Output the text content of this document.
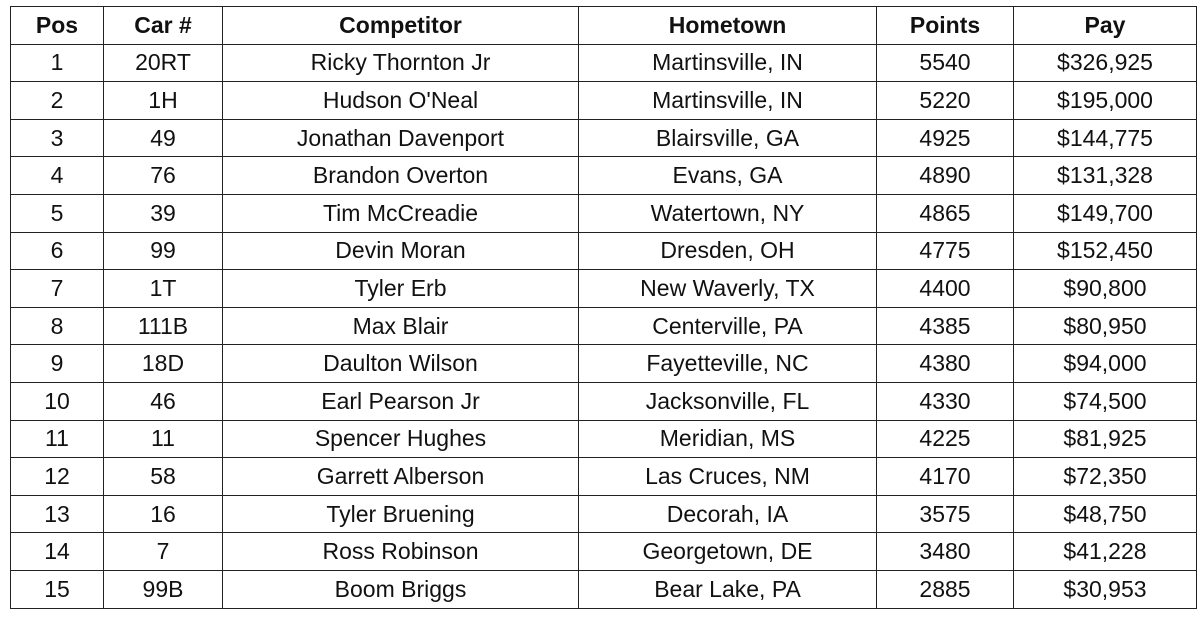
Pos	Car #	Competitor	Hometown	Points	Pay
1	20RT	Ricky Thornton Jr	Martinsville, IN	5540	$326,925
2	1H	Hudson O'Neal	Martinsville, IN	5220	$195,000
3	49	Jonathan Davenport	Blairsville, GA	4925	$144,775
4	76	Brandon Overton	Evans, GA	4890	$131,328
5	39	Tim McCreadie	Watertown, NY	4865	$149,700
6	99	Devin Moran	Dresden, OH	4775	$152,450
7	1T	Tyler Erb	New Waverly, TX	4400	$90,800
8	111B	Max Blair	Centerville, PA	4385	$80,950
9	18D	Daulton Wilson	Fayetteville, NC	4380	$94,000
10	46	Earl Pearson Jr	Jacksonville, FL	4330	$74,500
11	11	Spencer Hughes	Meridian, MS	4225	$81,925
12	58	Garrett Alberson	Las Cruces, NM	4170	$72,350
13	16	Tyler Bruening	Decorah, IA	3575	$48,750
14	7	Ross Robinson	Georgetown, DE	3480	$41,228
15	99B	Boom Briggs	Bear Lake, PA	2885	$30,953
